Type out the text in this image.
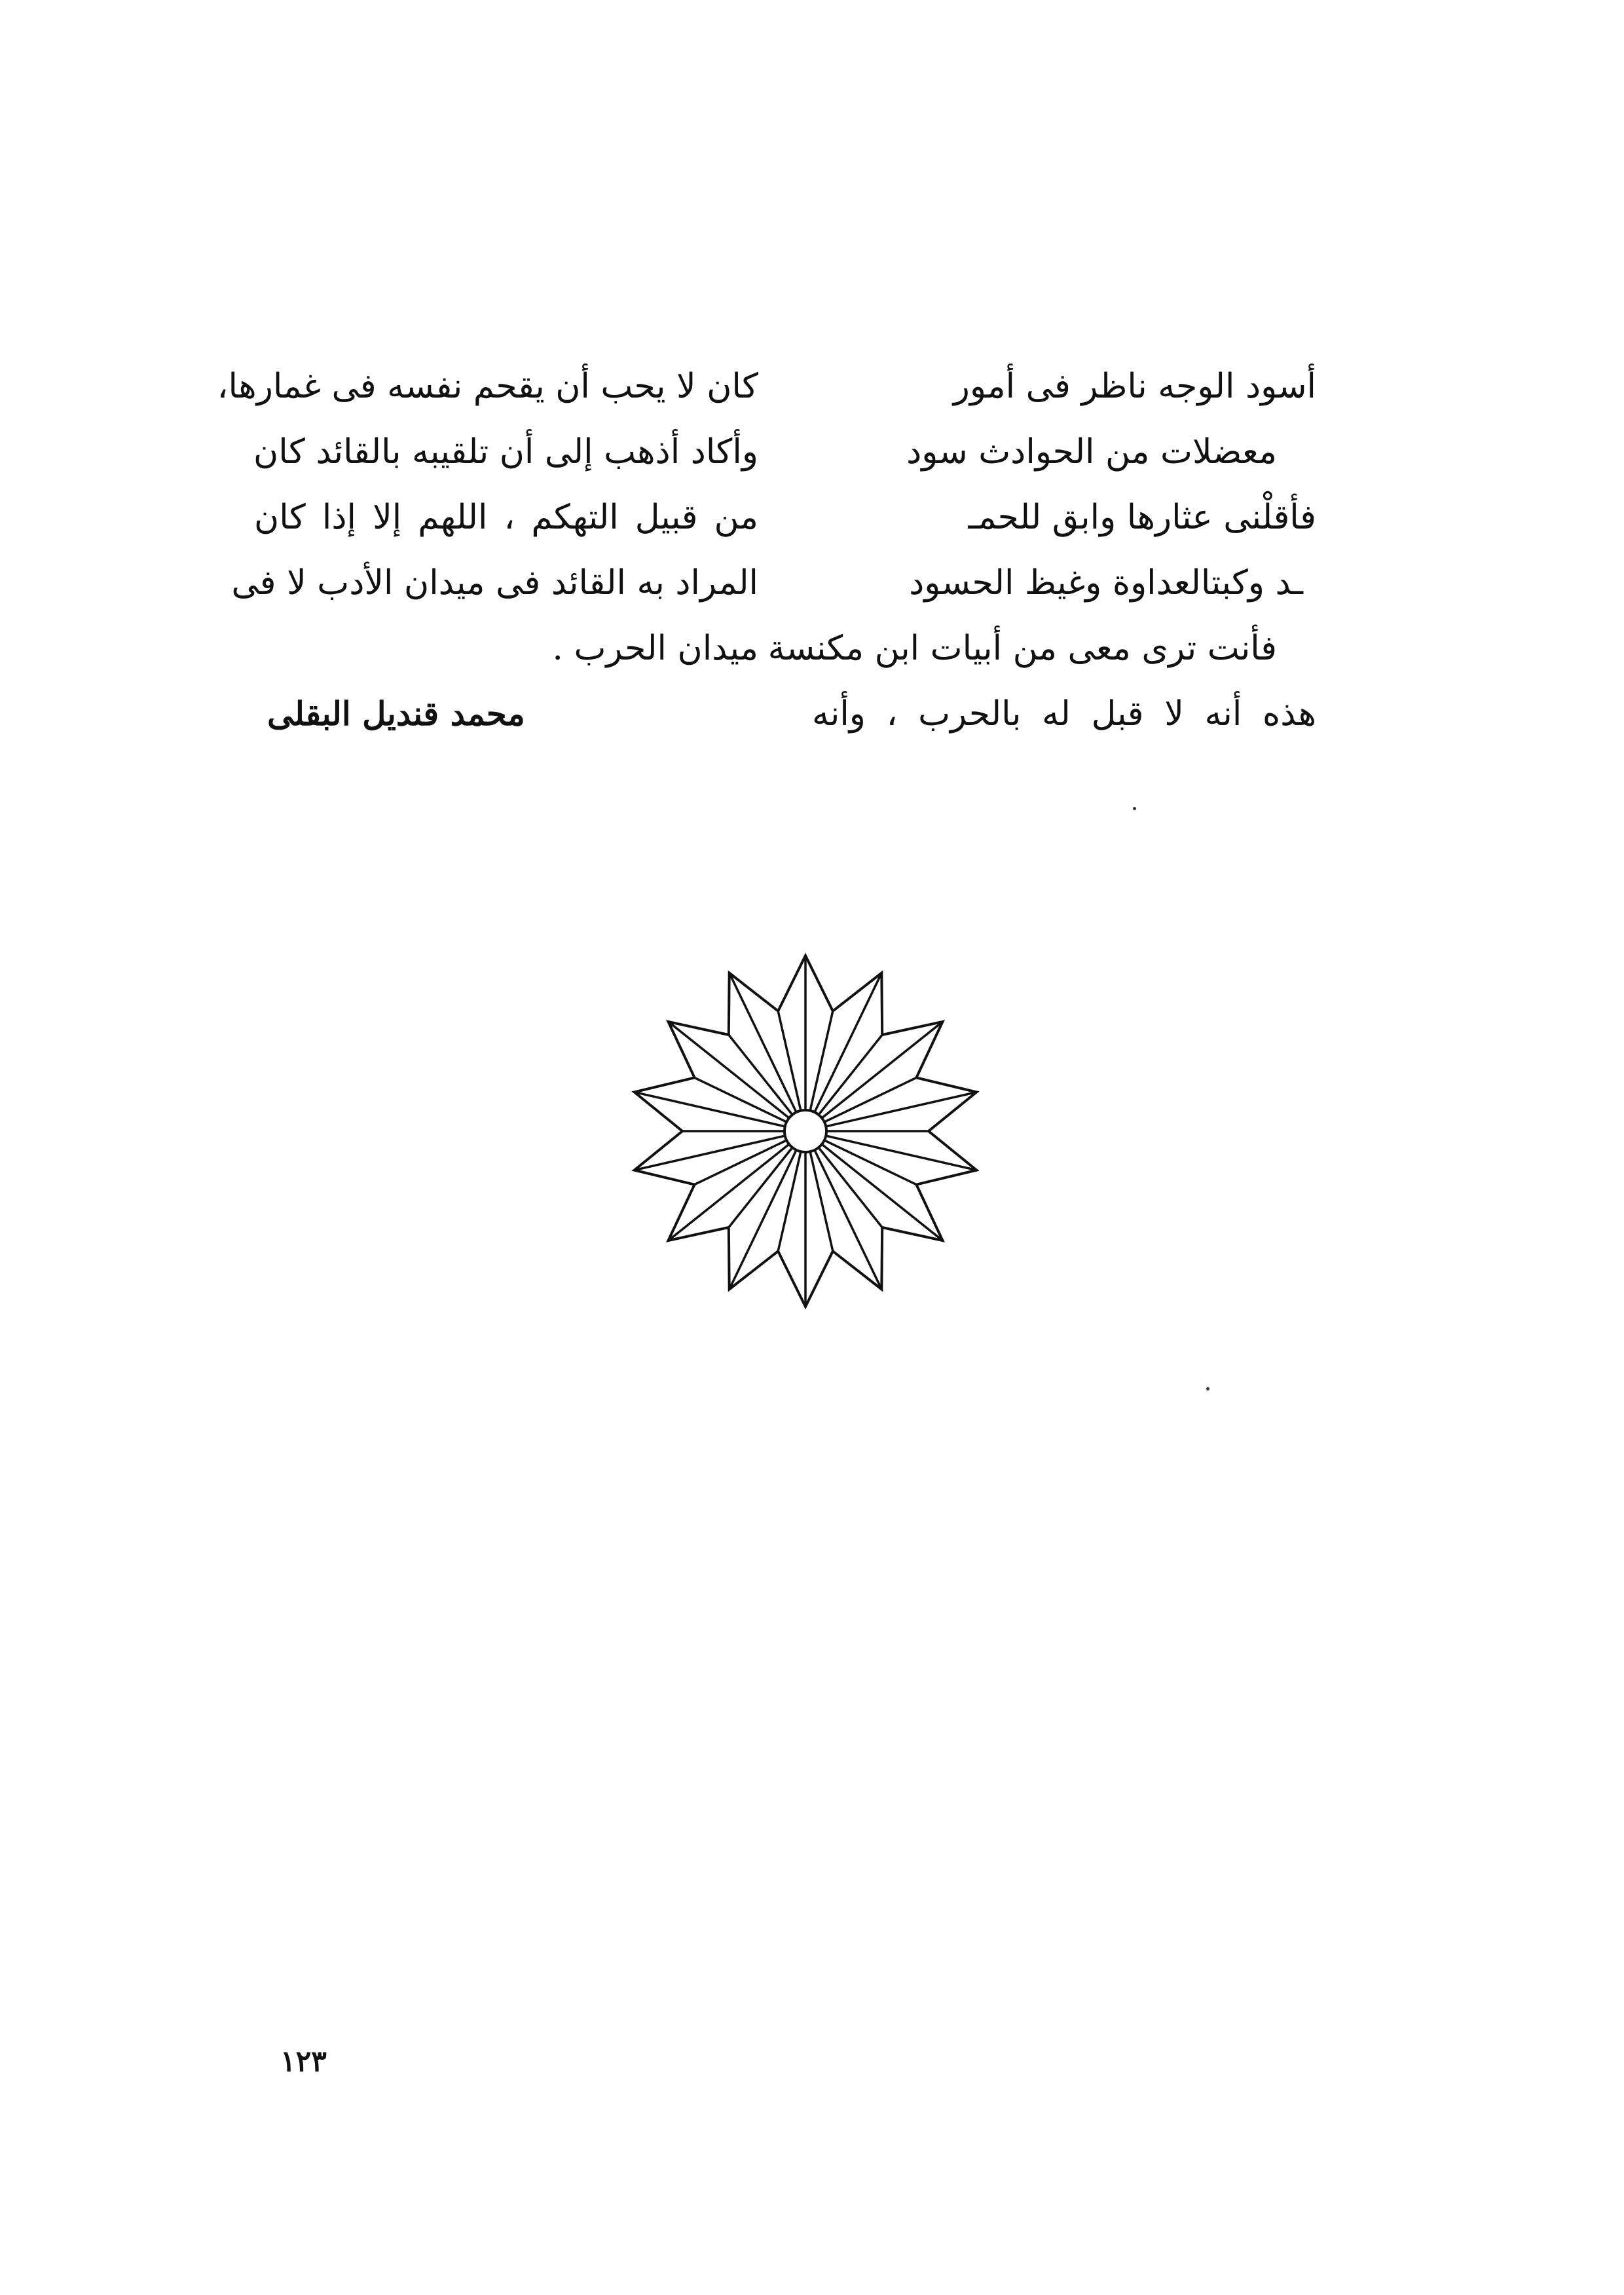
أسود الوجه ناظر فى أمور
معضلات من الحوادث سود
فأقلْنى عثارها وابق للحمـ
ـد وكبتالعداوة وغيظ الحسود
فأنت ترى معى من أبيات ابن مكنسة
هذه أنه لا قبل له بالحرب ، وأنه
كان لا يحب أن يقحم نفسه فى غمارها،
وأكاد أذهب إلى أن تلقيبه بالقائد كان
من قبيل التهكم ، اللهم إلا إذا كان
المراد به القائد فى ميدان الأدب لا فى
ميدان الحرب .
محمد قنديل البقلى
١٢٣
